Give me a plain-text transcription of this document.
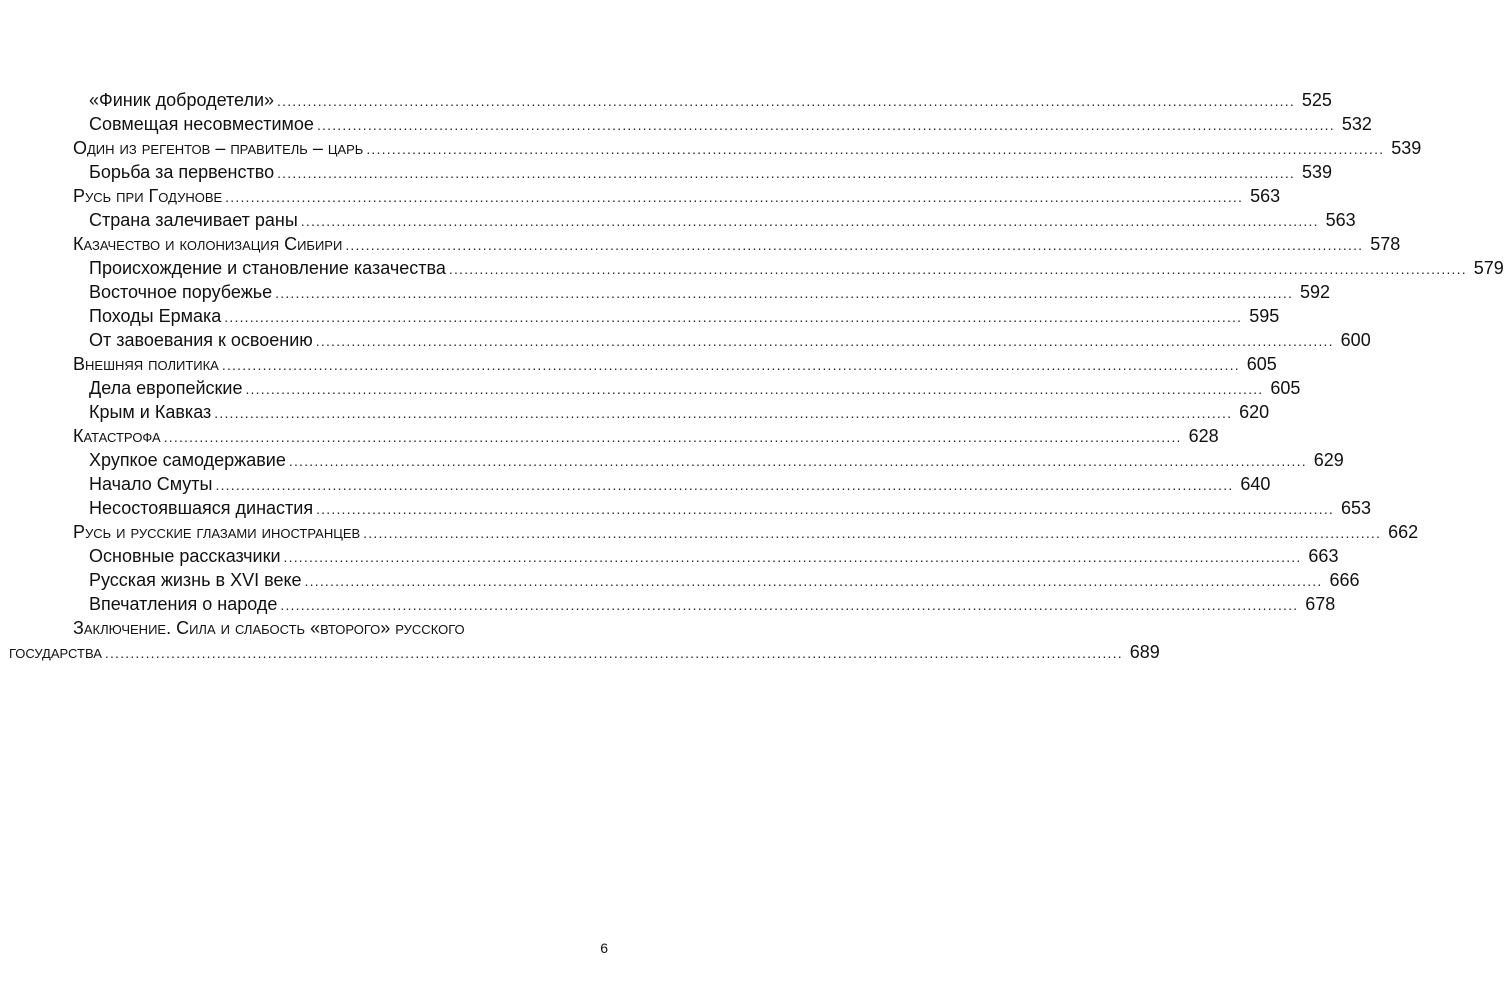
«Финик добродетели» ........................................................................................................................................................................................................ 525
Совмещая несовместимое ........................................................................................................................................................................................................ 532
Один из регентов – правитель – царь ........................................................................................................................................................................................................ 539
Борьба за первенство ........................................................................................................................................................................................................ 539
Русь при Годунове ........................................................................................................................................................................................................ 563
Страна залечивает раны ........................................................................................................................................................................................................ 563
Казачество и колонизация Сибири ........................................................................................................................................................................................................ 578
Происхождение и становление казачества ........................................................................................................................................................................................................ 579
Восточное порубежье ........................................................................................................................................................................................................ 592
Походы Ермака ........................................................................................................................................................................................................ 595
От завоевания к освоению ........................................................................................................................................................................................................ 600
Внешняя политика ........................................................................................................................................................................................................ 605
Дела европейские ........................................................................................................................................................................................................ 605
Крым и Кавказ ........................................................................................................................................................................................................ 620
Катастрофа ........................................................................................................................................................................................................ 628
Хрупкое самодержавие ........................................................................................................................................................................................................ 629
Начало Смуты ........................................................................................................................................................................................................ 640
Несостоявшаяся династия ........................................................................................................................................................................................................ 653
Русь и русские глазами иностранцев ........................................................................................................................................................................................................ 662
Основные рассказчики ........................................................................................................................................................................................................ 663
Русская жизнь в XVI веке ........................................................................................................................................................................................................ 666
Впечатления о народе ........................................................................................................................................................................................................ 678
Заключение. Сила и слабость «второго» русского
государства ........................................................................................................................................................................................................ 689
6
